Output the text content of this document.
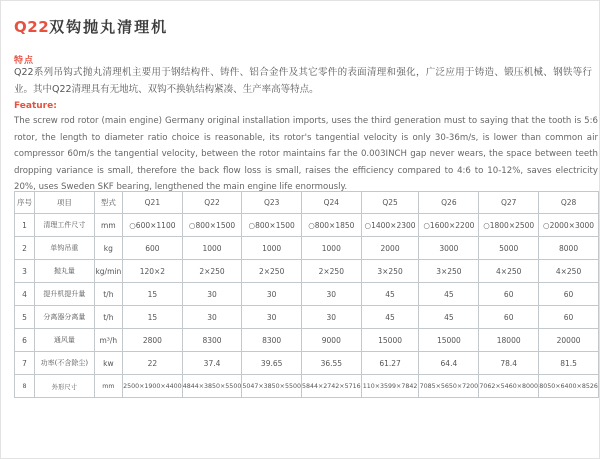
Q22双钩抛丸清理机
特点

Q22系列吊钩式抛丸清理机主要用于钢结构件、铸件、铝合金件及其它零件的表面清理和强化，广泛应用于铸造、锻压机械、钢铁等行业。其中Q22清理具有无地坑、双钩不换轨结构紧凑、生产率高等特点。

Feature:

The screw rod rotor (main engine) Germany original installation imports, uses the third generation must to saying that the tooth is 5:6 rotor, the length to diameter ratio choice is reasonable, its rotor's tangential velocity is only 30-36m/s, is lower than common air compressor 60m/s the tangential velocity, between the rotor maintains far the 0.003INCH gap never wears, the space between teeth dropping variance is small, therefore the back flow loss is small, raises the efficiency compared to 4:6 to 10-12%, saves electricity 20%, uses Sweden SKF bearing, lengthened the main engine life enormously.

序号	项目	型式	Q21	Q22	Q23	Q24	Q25	Q26	Q27	Q28
1	清理工件尺寸	mm	○600×1100	○800×1500	○800×1500	○800×1850	○1400×2300	○1600×2200	○1800×2500	○2000×3000
2	单钩吊重	kg	600	1000	1000	1000	2000	3000	5000	8000
3	抛丸量	kg/min	120×2	2×250	2×250	2×250	3×250	3×250	4×250	4×250
4	提升机提升量	t/h	15	30	30	30	45	45	60	60
5	分离器分离量	t/h	15	30	30	30	45	45	60	60
6	通风量	m³/h	2800	8300	8300	9000	15000	15000	18000	20000
7	功率(不含除尘)	kw	22	37.4	39.65	36.55	61.27	64.4	78.4	81.5
8	外形尺寸	mm	2500×1900×4400	4844×3850×5500	5047×3850×5500	5844×2742×5716	110×3599×7842	7085×5650×7200	7062×5460×8000	8050×6400×8526
